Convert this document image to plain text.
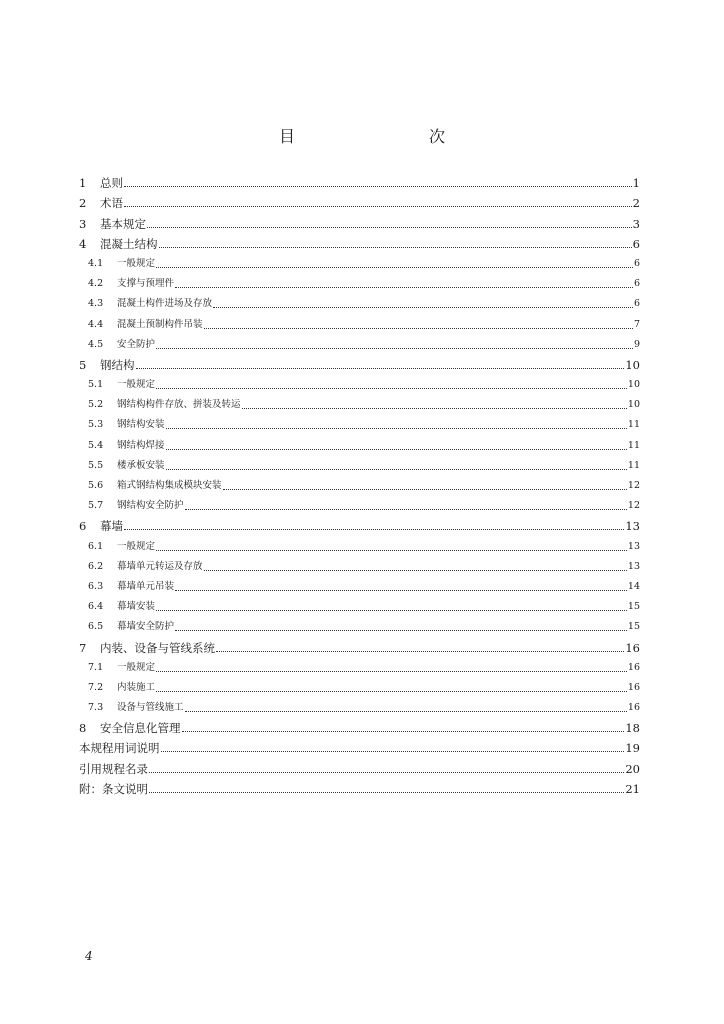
目　　次
1	总则	1
2	术语	2
3	基本规定	3
4	混凝土结构	6
4.1	一般规定	6
4.2	支撑与预埋件	6
4.3	混凝土构件进场及存放	6
4.4	混凝土预制构件吊装	7
4.5	安全防护	9
5	钢结构	10
5.1	一般规定	10
5.2	钢结构构件存放、拼装及转运	10
5.3	钢结构安装	11
5.4	钢结构焊接	11
5.5	楼承板安装	11
5.6	箱式钢结构集成模块安装	12
5.7	钢结构安全防护	12
6	幕墙	13
6.1	一般规定	13
6.2	幕墙单元转运及存放	13
6.3	幕墙单元吊装	14
6.4	幕墙安装	15
6.5	幕墙安全防护	15
7	内装、设备与管线系统	16
7.1	一般规定	16
7.2	内装施工	16
7.3	设备与管线施工	16
8	安全信息化管理	18
本规程用词说明	19
引用规程名录	20
附：条文说明	21
4
